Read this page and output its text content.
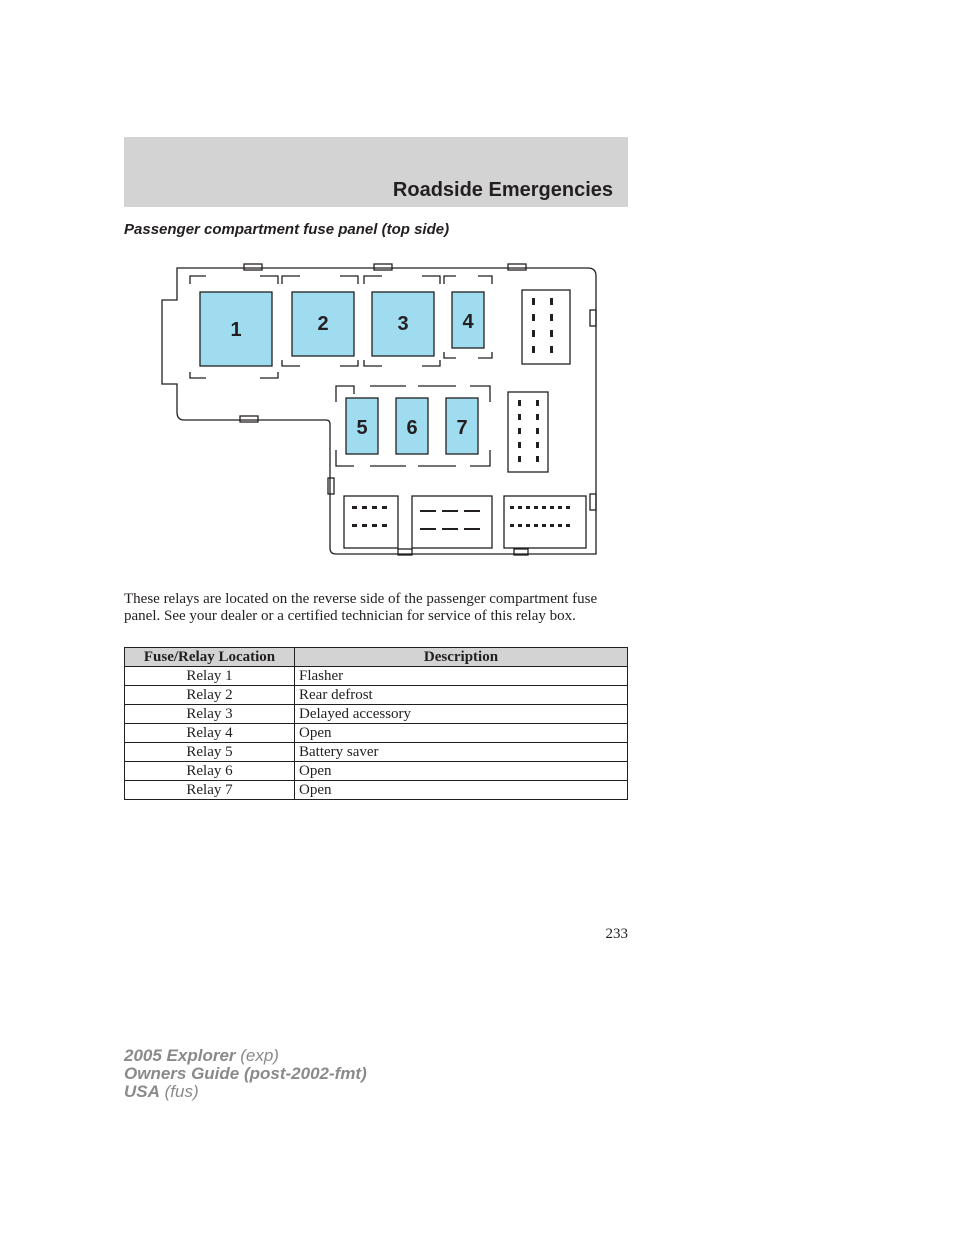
Roadside Emergencies
Passenger compartment fuse panel (top side)
1	2	3	4
5 6 7
These relays are located on the reverse side of the passenger compartment fuse panel. See your dealer or a certified technician for service of this relay box.
Fuse/Relay Location	Description
Relay 1	Flasher
Relay 2	Rear defrost
Relay 3	Delayed accessory
Relay 4	Open
Relay 5	Battery saver
Relay 6	Open
Relay 7	Open
233
2005 Explorer (exp)
Owners Guide (post-2002-fmt)
USA (fus)
